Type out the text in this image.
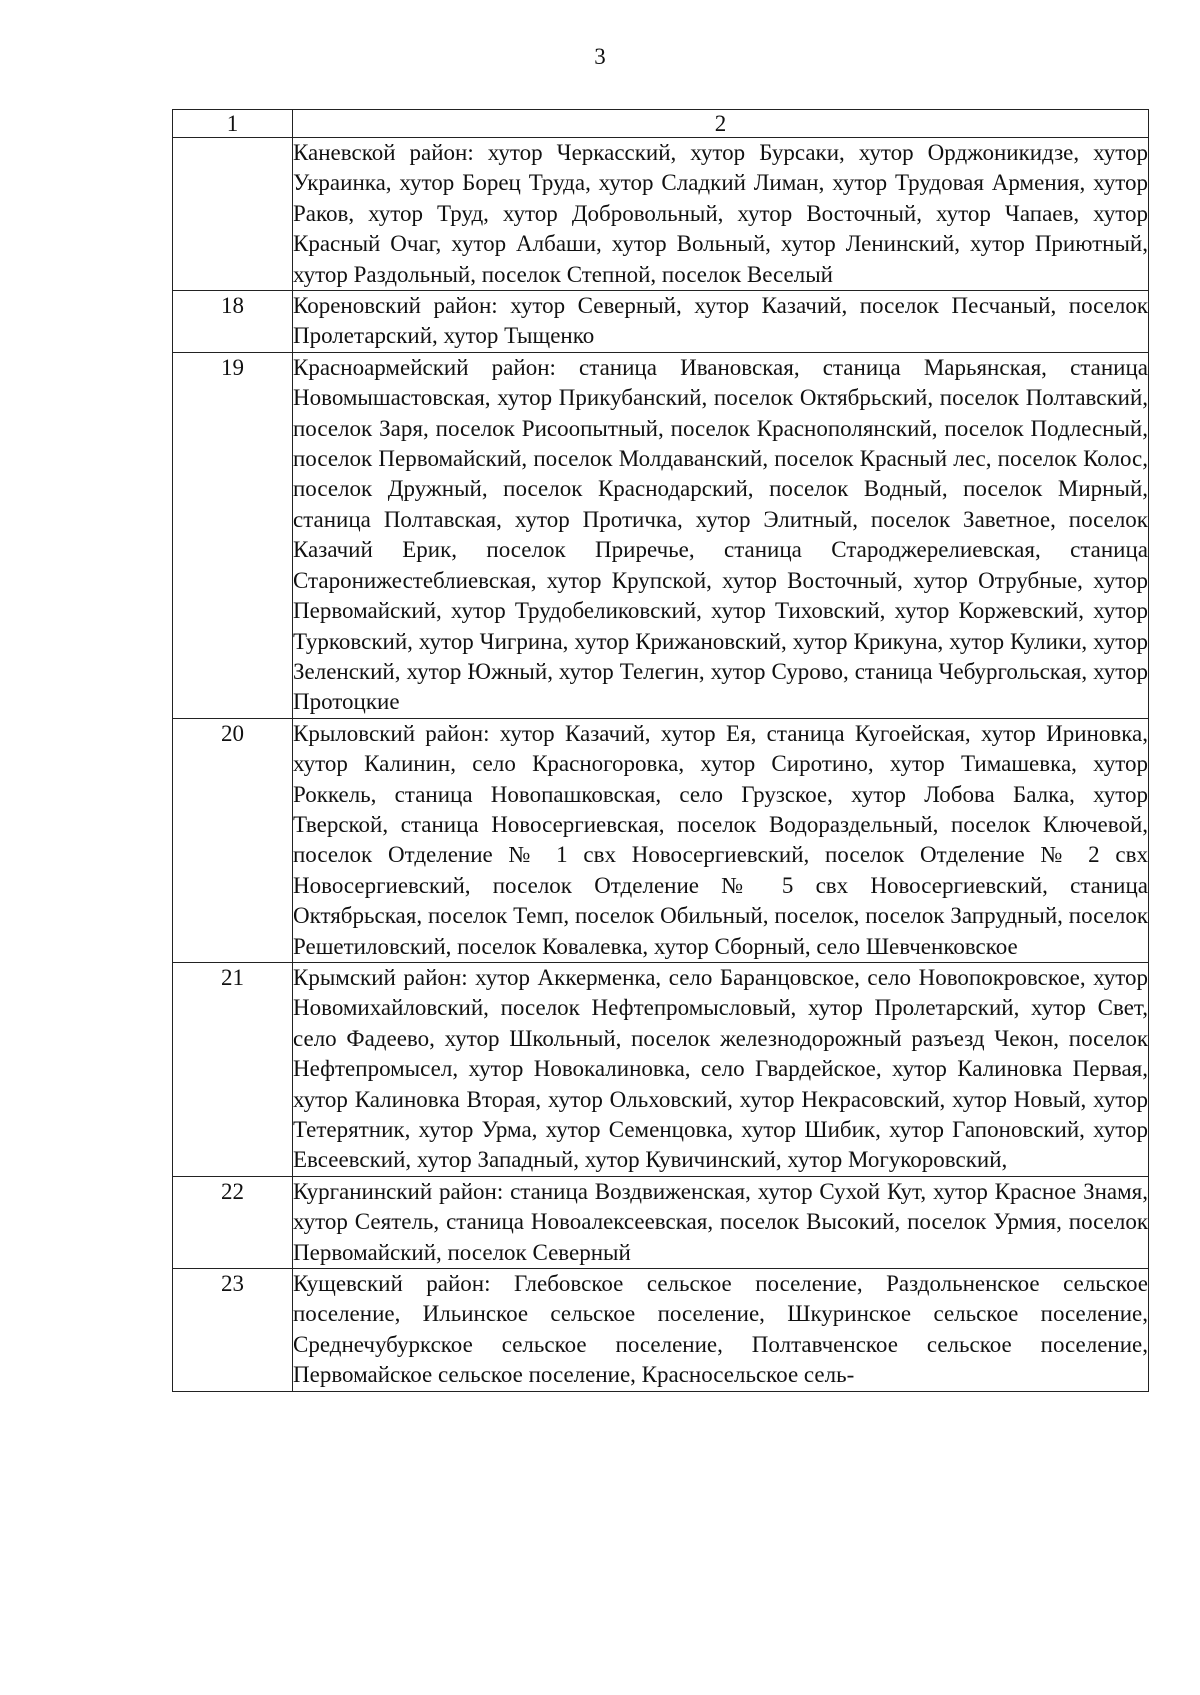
3
1	2
	Каневской район: хутор Черкасский, хутор Бурсаки, хутор Орджоникидзе, хутор Украинка, хутор Борец Труда, хутор Сладкий Лиман, хутор Трудовая Армения, хутор Раков, хутор Труд, хутор Добровольный, хутор Восточный, хутор Чапаев, хутор Красный Очаг, хутор Албаши, хутор Вольный, хутор Ленинский, хутор Приютный, хутор Раздольный, поселок Степной, поселок Веселый
18	Кореновский район: хутор Северный, хутор Казачий, поселок Песчаный, поселок Пролетарский, хутор Тыщенко
19	Красноармейский район: станица Ивановская, станица Марьянская, станица Новомышастовская, хутор Прикубанский, поселок Октябрьский, поселок Полтавский, поселок Заря, поселок Рисоопытный, поселок Краснополянский, поселок Подлесный, поселок Первомайский, поселок Молдаванский, поселок Красный лес, поселок Колос, поселок Дружный, поселок Краснодарский, поселок Водный, поселок Мирный, станица Полтавская, хутор Протичка, хутор Элитный, поселок Заветное, поселок Казачий Ерик, поселок Приречье, станица Староджерелиевская, станица Старонижестеблиевская, хутор Крупской, хутор Восточный, хутор Отрубные, хутор Первомайский, хутор Трудобеликовский, хутор Тиховский, хутор Коржевский, хутор Турковский, хутор Чигрина, хутор Крижановский, хутор Крикуна, хутор Кулики, хутор Зеленский, хутор Южный, хутор Телегин, хутор Сурово, станица Чебургольская, хутор Протоцкие
20	Крыловский район: хутор Казачий, хутор Ея, станица Кугоейская, хутор Ириновка, хутор Калинин, село Красногоровка, хутор Сиротино, хутор Тимашевка, хутор Роккель, станица Новопашковская, село Грузское, хутор Лобова Балка, хутор Тверской, станица Новосергиевская, поселок Водораздельный, поселок Ключевой, поселок Отделение № 1 свх Новосергиевский, поселок Отделение № 2 свх Новосергиевский, поселок Отделение № 5 свх Новосергиевский, станица Октябрьская, поселок Темп, поселок Обильный, поселок, поселок Запрудный, поселок Решетиловский, поселок Ковалевка, хутор Сборный, село Шевченковское
21	Крымский район: хутор Аккерменка, село Баранцовское, село Новопокровское, хутор Новомихайловский, поселок Нефтепромысловый, хутор Пролетарский, хутор Свет, село Фадеево, хутор Школьный, поселок железнодорожный разъезд Чекон, поселок Нефтепромысел, хутор Новокалиновка, село Гвардейское, хутор Калиновка Первая, хутор Калиновка Вторая, хутор Ольховский, хутор Некрасовский, хутор Новый, хутор Тетерятник, хутор Урма, хутор Семенцовка, хутор Шибик, хутор Гапоновский, хутор Евсеевский, хутор Западный, хутор Кувичинский, хутор Могукоровский,
22	Курганинский район: станица Воздвиженская, хутор Сухой Кут, хутор Красное Знамя, хутор Сеятель, станица Новоалексеевская, поселок Высокий, поселок Урмия, поселок Первомайский, поселок Северный
23	Кущевский район: Глебовское сельское поселение, Раздольненское сельское поселение, Ильинское сельское поселение, Шкуринское сельское поселение, Среднечубуркское сельское поселение, Полтавченское сельское поселение, Первомайское сельское поселение, Красносельское сель-
